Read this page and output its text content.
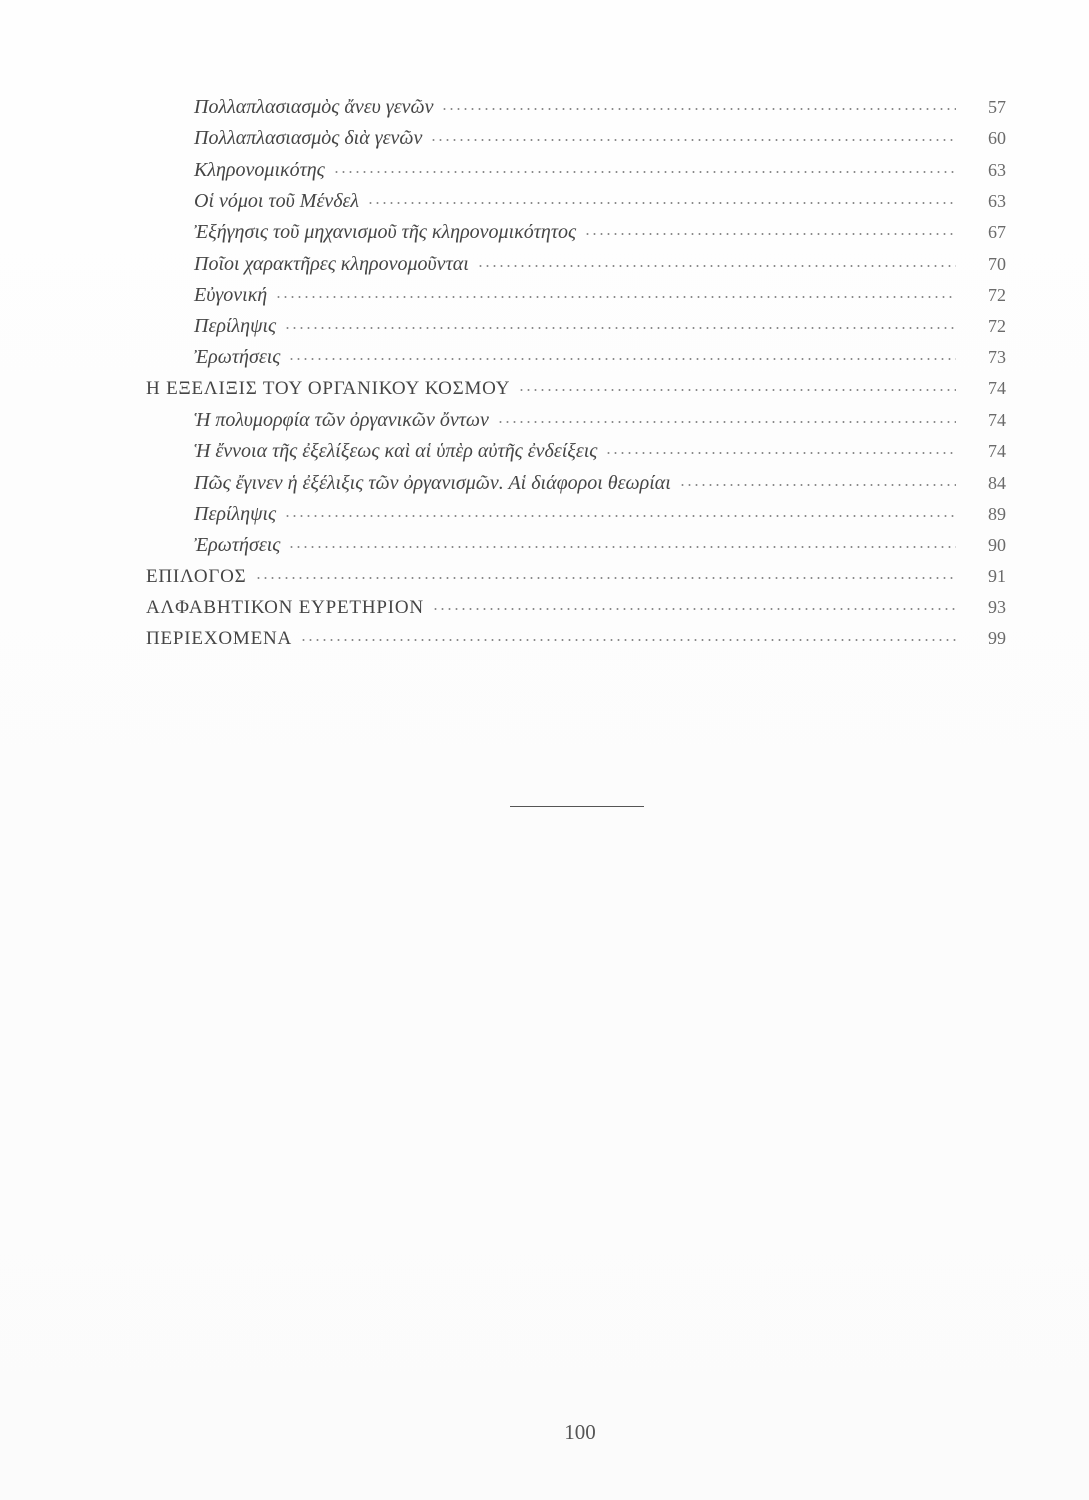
Πολλαπλασιασμὸς ἄνευ γενῶν	57
Πολλαπλασιασμὸς διὰ γενῶν	60
Κληρονομικότης	63
Οἱ νόμοι τοῦ Μένδελ	63
Ἐξήγησις τοῦ μηχανισμοῦ τῆς κληρονομικότητος	67
Ποῖοι χαρακτῆρες κληρονομοῦνται	70
Εὐγονική	72
Περίληψις	72
Ἐρωτήσεις	73
Η ΕΞΕΛΙΞΙΣ ΤΟΥ ΟΡΓΑΝΙΚΟΥ ΚΟΣΜΟΥ	74
Ἡ πολυμορφία τῶν ὀργανικῶν ὄντων	74
Ἡ ἔννοια τῆς ἐξελίξεως καὶ αἱ ὑπὲρ αὐτῆς ἐνδείξεις	74
Πῶς ἔγινεν ἡ ἐξέλιξις τῶν ὀργανισμῶν. Αἱ διάφοροι θεωρίαι	84
Περίληψις	89
Ἐρωτήσεις	90
ΕΠΙΛΟΓΟΣ	91
ΑΛΦΑΒΗΤΙΚΟΝ ΕΥΡΕΤΗΡΙΟΝ	93
ΠΕΡΙΕΧΟΜΕΝΑ	99
100
